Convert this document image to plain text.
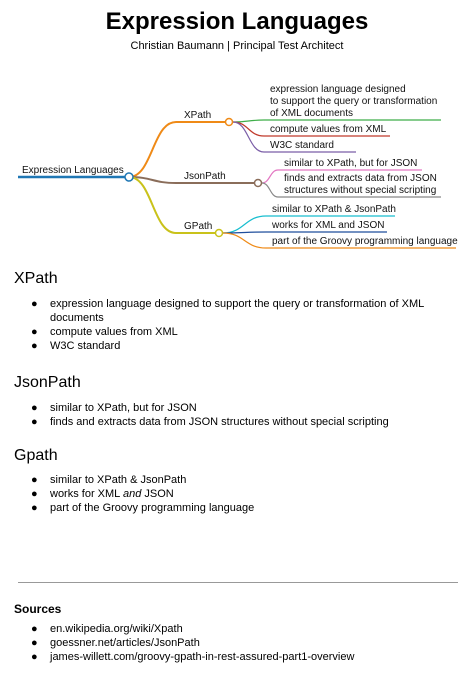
Expression Languages

Christian Baumann | Principal Test Architect

Expression Languages
XPath
expression language designed
to support the query or transformation
of XML documents
compute values from XML
W3C standard
JsonPath
similar to XPath, but for JSON
finds and extracts data from JSON
structures without special scripting
GPath
similar to XPath & JsonPath
works for XML and JSON
part of the Groovy programming language
XPath
● expression language designed to support the query or transformation of XML
documents
● compute values from XML
● W3C standard
JsonPath
● similar to XPath, but for JSON
● finds and extracts data from JSON structures without special scripting
Gpath
● similar to XPath & JsonPath
● works for XML and JSON
● part of the Groovy programming language
Sources
● en.wikipedia.org/wiki/Xpath
● goessner.net/articles/JsonPath
● james-willett.com/groovy-gpath-in-rest-assured-part1-overview
